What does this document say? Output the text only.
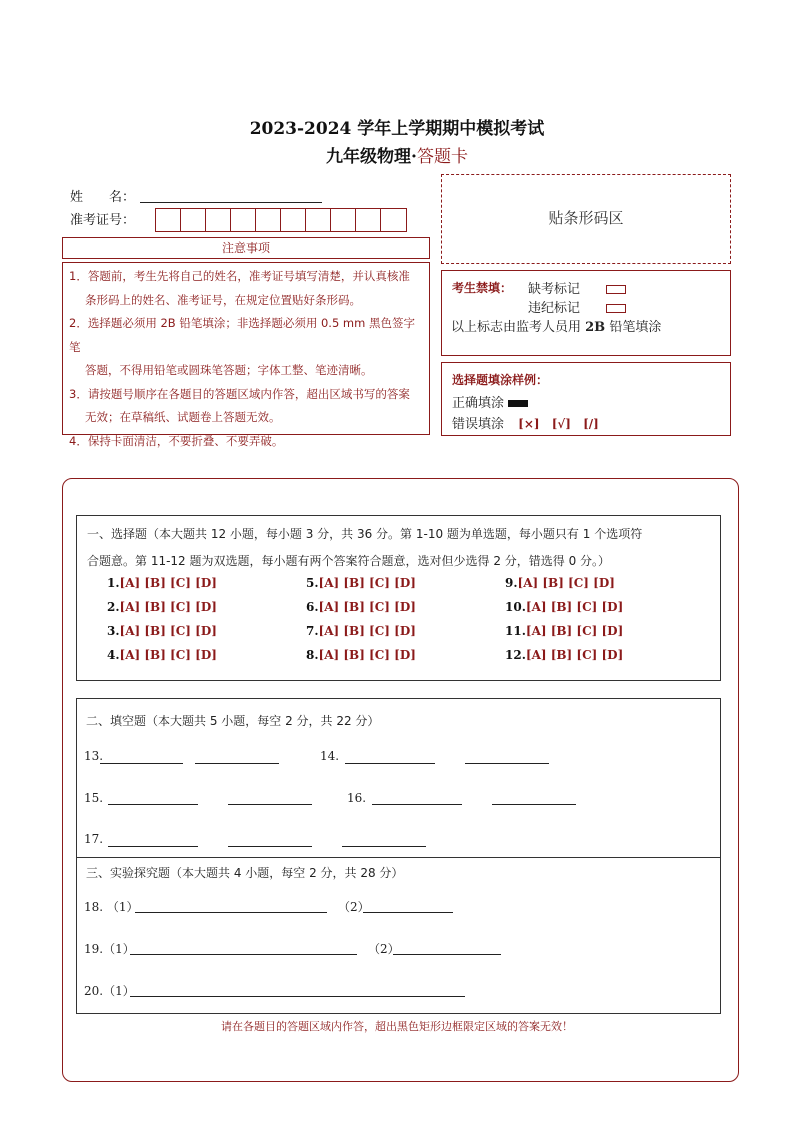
2023-2024 学年上学期期中模拟考试
九年级物理·答题卡
姓　　名：
准考证号：
注意事项

1．答题前，考生先将自己的姓名，准考证号填写清楚，并认真核准

条形码上的姓名、准考证号，在规定位置贴好条形码。

2．选择题必须用 2B 铅笔填涂；非选择题必须用 0.5 mm 黑色签字笔

答题，不得用铅笔或圆珠笔答题；字体工整、笔迹清晰。

3．请按题号顺序在各题目的答题区域内作答，超出区域书写的答案

无效；在草稿纸、试题卷上答题无效。

4．保持卡面清洁，不要折叠、不要弄破。

贴条形码区
考生禁填： 缺考标记
违纪标记
以上标志由监考人员用 2B 铅笔填涂
选择题填涂样例：
正确填涂
错误填涂 [×] [√] [/]
一、选择题（本大题共 12 小题，每小题 3 分，共 36 分。第 1-10 题为单选题，每小题只有 1 个选项符
合题意。第 11-12 题为双选题，每小题有两个答案符合题意，选对但少选得 2 分，错选得 0 分。）
1.[A] [B] [C] [D]
2.[A] [B] [C] [D]
3.[A] [B] [C] [D]
4.[A] [B] [C] [D]
5.[A] [B] [C] [D]
6.[A] [B] [C] [D]
7.[A] [B] [C] [D]
8.[A] [B] [C] [D]
9.[A] [B] [C] [D]
10.[A] [B] [C] [D]
11.[A] [B] [C] [D]
12.[A] [B] [C] [D]
二、填空题（本大题共 5 小题，每空 2 分，共 22 分）
13.	14.
15.	16.
17.
三、实验探究题（本大题共 4 小题，每空 2 分，共 28 分）
18. （1）	（2）
19.（1）	（2）
20.（1）
请在各题目的答题区域内作答，超出黑色矩形边框限定区域的答案无效！
